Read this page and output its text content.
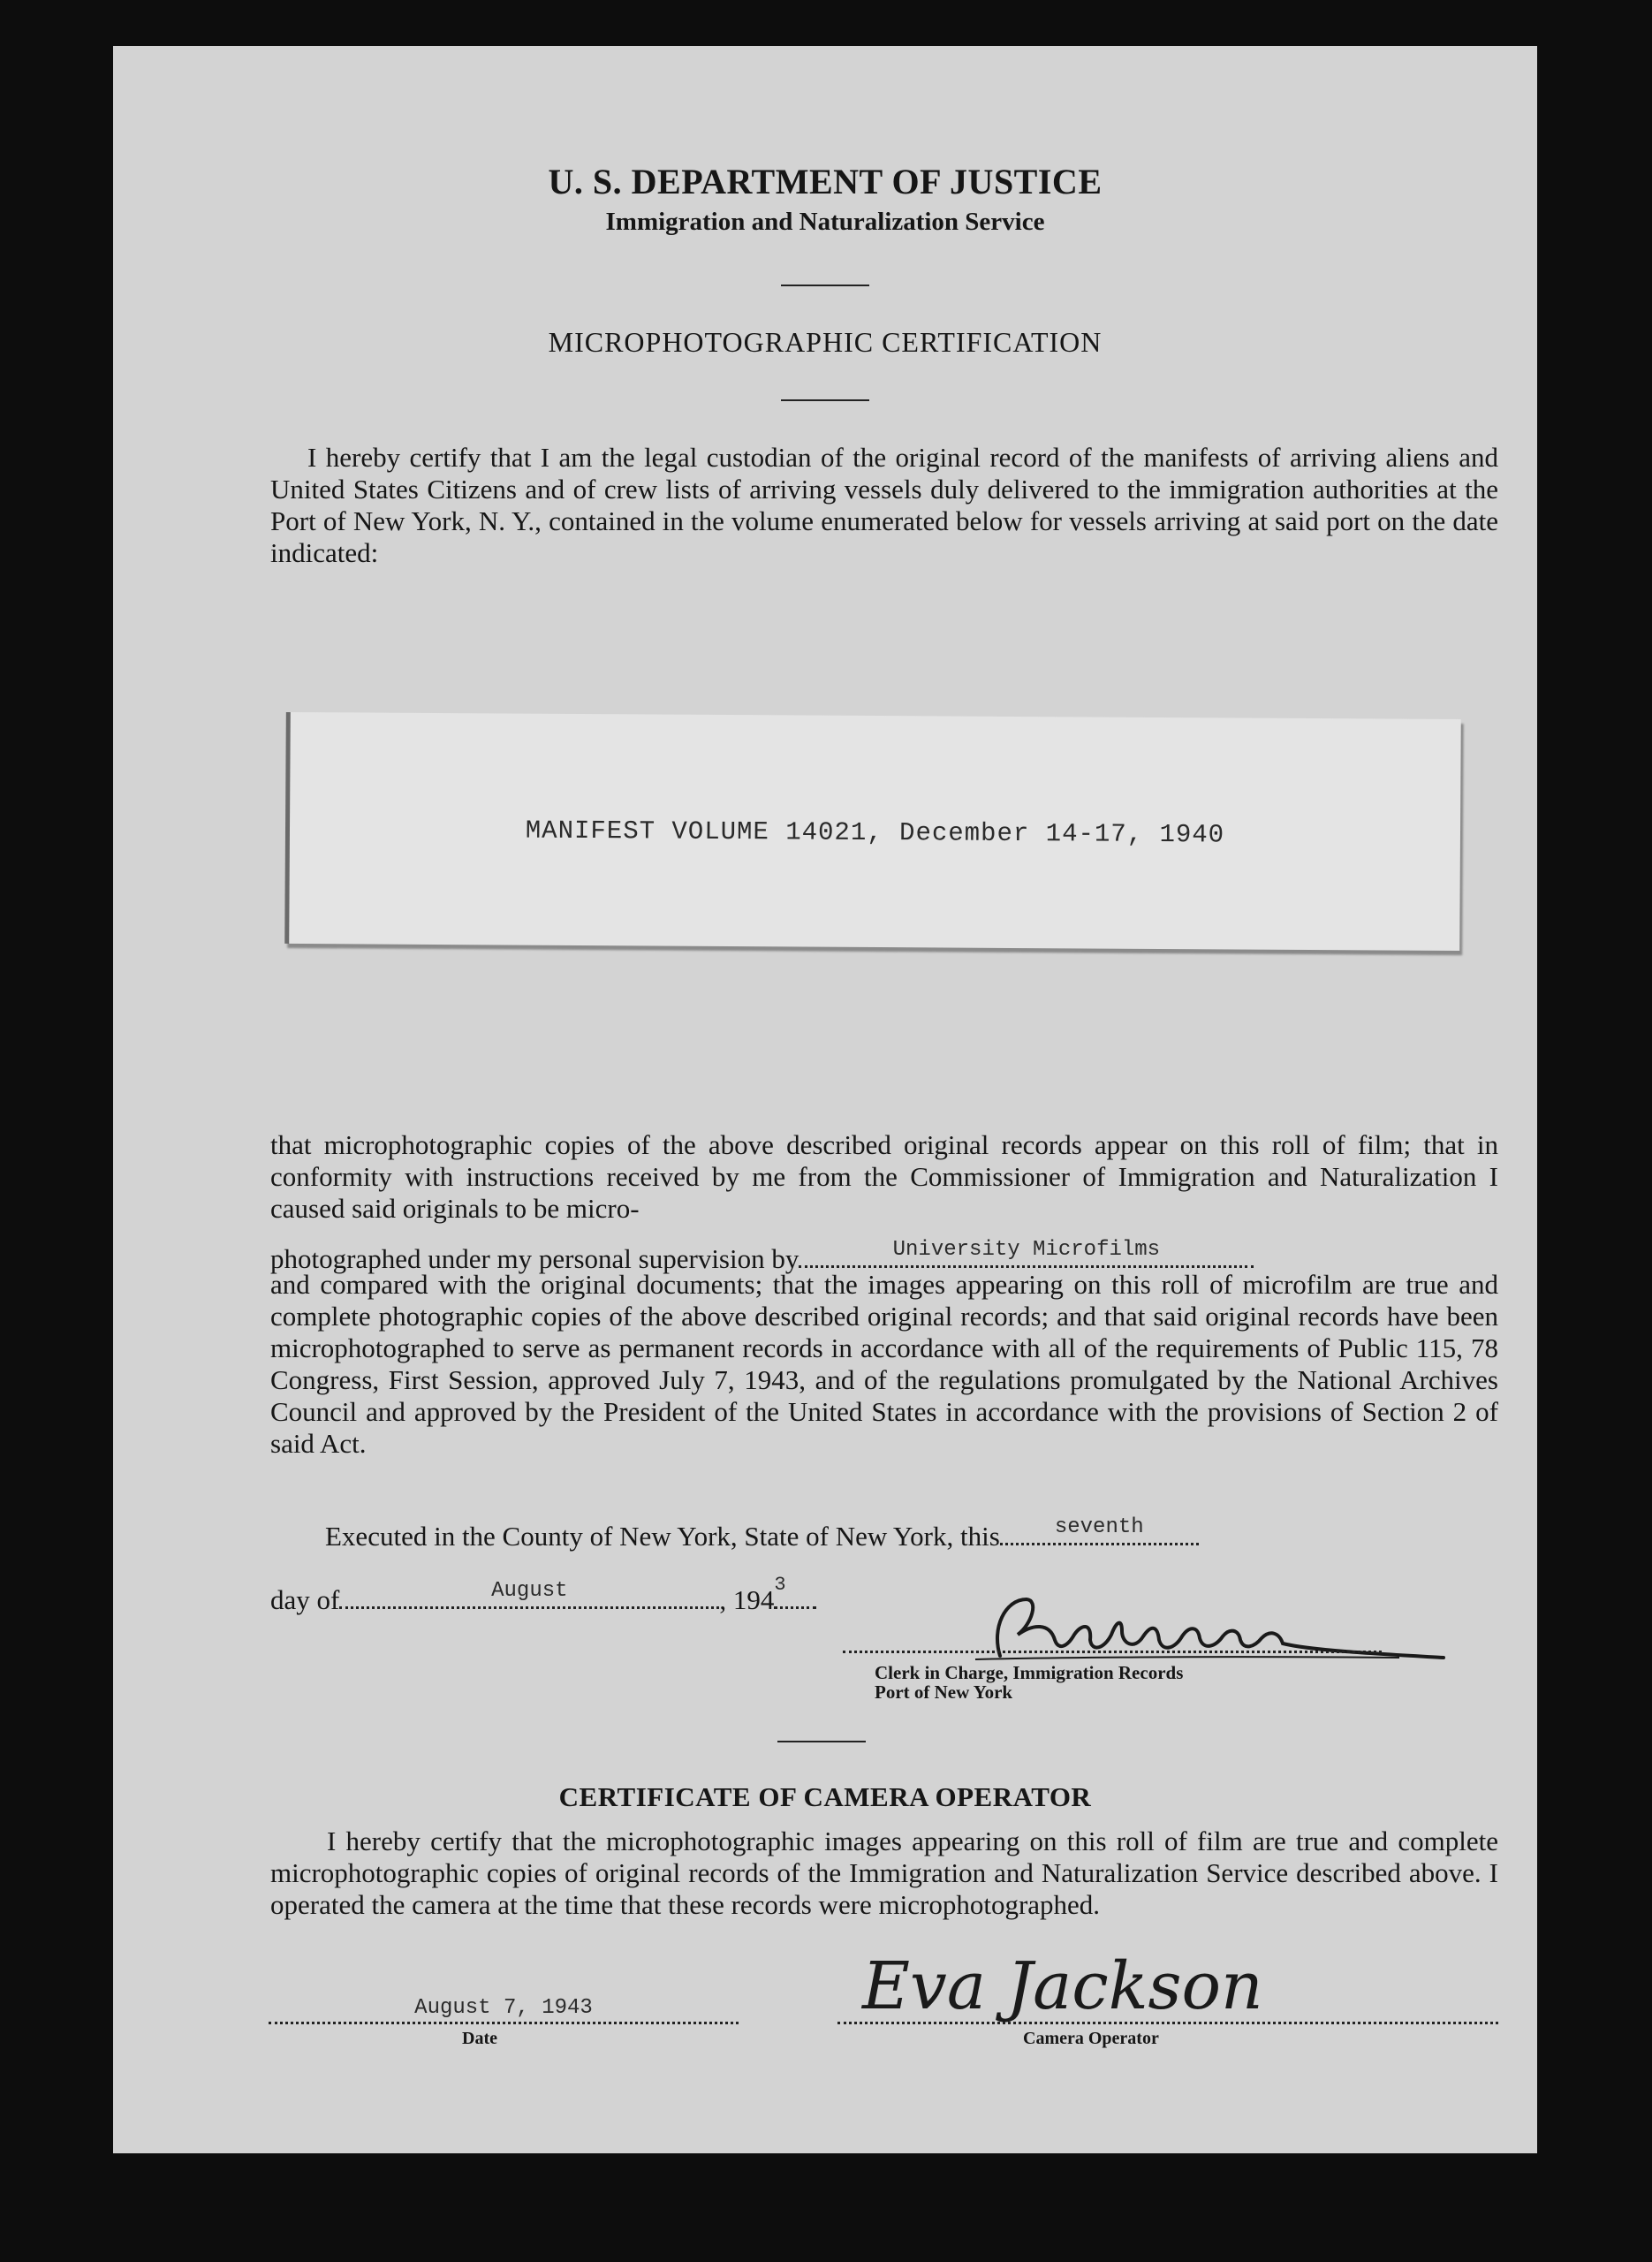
U. S. DEPARTMENT OF JUSTICE
Immigration and Naturalization Service
MICROPHOTOGRAPHIC CERTIFICATION
I hereby certify that I am the legal custodian of the original record of the manifests of arriving aliens and United States Citizens and of crew lists of arriving vessels duly delivered to the immigration authorities at the Port of New York, N. Y., contained in the volume enumerated below for vessels arriving at said port on the date indicated:
MANIFEST VOLUME 14021, December 14-17, 1940
that microphotographic copies of the above described original records appear on this roll of film; that in conformity with instructions received by me from the Commissioner of Immigration and Naturalization I caused said originals to be micro-
photographed under my personal supervision by	University Microfilms
and compared with the original documents; that the images appearing on this roll of microfilm are true and complete photographic copies of the above described original records; and that said original records have been microphotographed to serve as permanent records in accordance with all of the requirements of Public 115, 78 Congress, First Session, approved July 7, 1943, and of the regulations promulgated by the National Archives Council and approved by the President of the United States in accordance with the provisions of Section 2 of said Act.
Executed in the County of New York, State of New York, this	seventh
day of	August	, 194 3
Clerk in Charge, Immigration Records
Port of New York
CERTIFICATE OF CAMERA OPERATOR
I hereby certify that the microphotographic images appearing on this roll of film are true and complete microphotographic copies of original records of the Immigration and Naturalization Service described above. I operated the camera at the time that these records were microphotographed.
August 7, 1943
Date
Eva Jackson
Camera Operator
